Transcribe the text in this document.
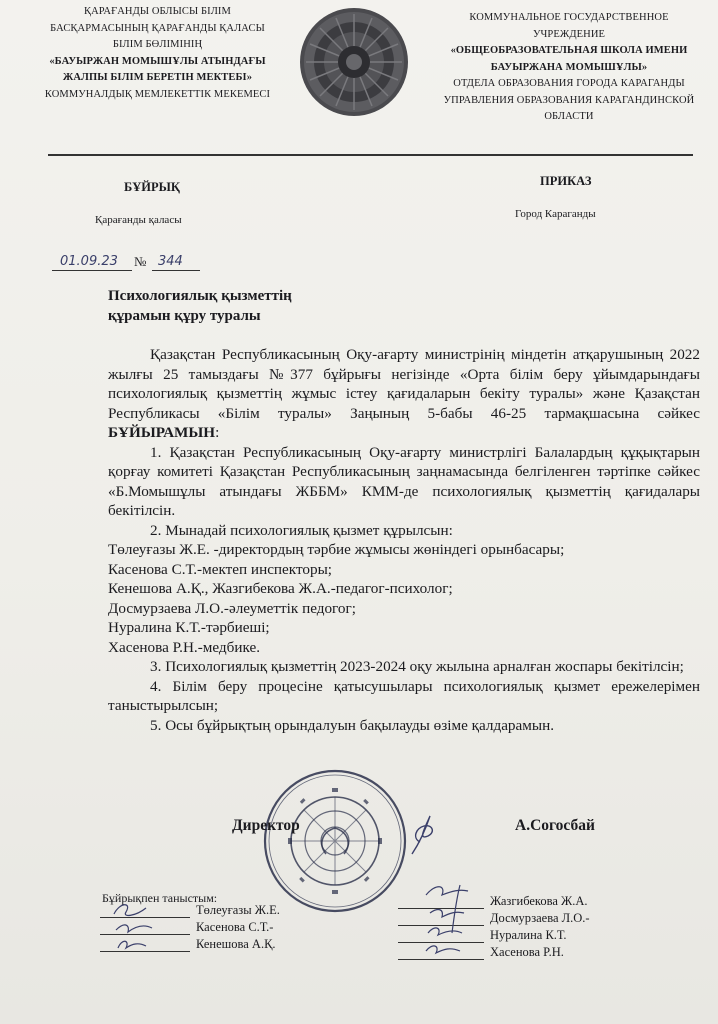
ҚАРАҒАНДЫ ОБЛЫСЫ БІЛІМ
БАСҚАРМАСЫНЫҢ ҚАРАҒАНДЫ ҚАЛАСЫ
БІЛІМ БӨЛІМІНІҢ
«БАУЫРЖАН МОМЫШҰЛЫ АТЫНДАҒЫ
ЖАЛПЫ БІЛІМ БЕРЕТІН МЕКТЕБІ»
КОММУНАЛДЫҚ МЕМЛЕКЕТТІК МЕКЕМЕСІ
КОММУНАЛЬНОЕ ГОСУДАРСТВЕННОЕ
УЧРЕЖДЕНИЕ
«ОБЩЕОБРАЗОВАТЕЛЬНАЯ ШКОЛА ИМЕНИ
БАУЫРЖАНА МОМЫШҰЛЫ»
ОТДЕЛА ОБРАЗОВАНИЯ ГОРОДА КАРАГАНДЫ
УПРАВЛЕНИЯ ОБРАЗОВАНИЯ КАРАГАНДИНСКОЙ
ОБЛАСТИ
БҰЙРЫҚ	ПРИКАЗ
Қарағанды қаласы	Город Караганды
01.09.23 № 344
Психологиялық қызметтің
құрамын құру туралы

Қазақстан Республикасының Оқу-ағарту министрінің міндетін атқарушының 2022 жылғы 25 тамыздағы №377 бұйрығы негізінде «Орта білім беру ұйымдарындағы психологиялық қызметтің жұмыс істеу қағидаларын бекіту туралы» және Қазақстан Республикасы «Білім туралы» Заңының 5-бабы 46-25 тармақшасына сәйкес БҰЙЫРАМЫН:

1. Қазақстан Республикасының Оқу-ағарту министрлігі Балалардың құқықтарын қорғау комитеті Қазақстан Республикасының заңнамасында белгіленген тәртіпке сәйкес «Б.Момышұлы атындағы ЖББМ» КММ-де психологиялық қызметтің қағидалары бекітілсін.

2. Мынадай психологиялық қызмет құрылсын:

Төлеуғазы Ж.Е. -директордың тәрбие жұмысы жөніндегі орынбасары;

Касенова С.Т.-мектеп инспекторы;

Кенешова А.Қ., Жазгибекова Ж.А.-педагог-психолог;

Досмурзаева Л.О.-әлеуметтік педогог;

Нуралина К.Т.-тәрбиеші;

Хасенова Р.Н.-медбике.

3. Психологиялық қызметтің 2023-2024 оқу жылына арналған жоспары бекітілсін;

4. Білім беру процесіне қатысушылары психологиялық қызмет ережелерімен таныстырылсын;

5. Осы бұйрықтың орындалуын бақылауды өзіме қалдарамын.

Директор	А.Согосбай
Бұйрықпен таныстым:
Төлеуғазы Ж.Е.
Касенова С.Т.-
Кенешова А.Қ.
Жазгибекова Ж.А.
Досмурзаева Л.О.-
Нуралина К.Т.
Хасенова Р.Н.
